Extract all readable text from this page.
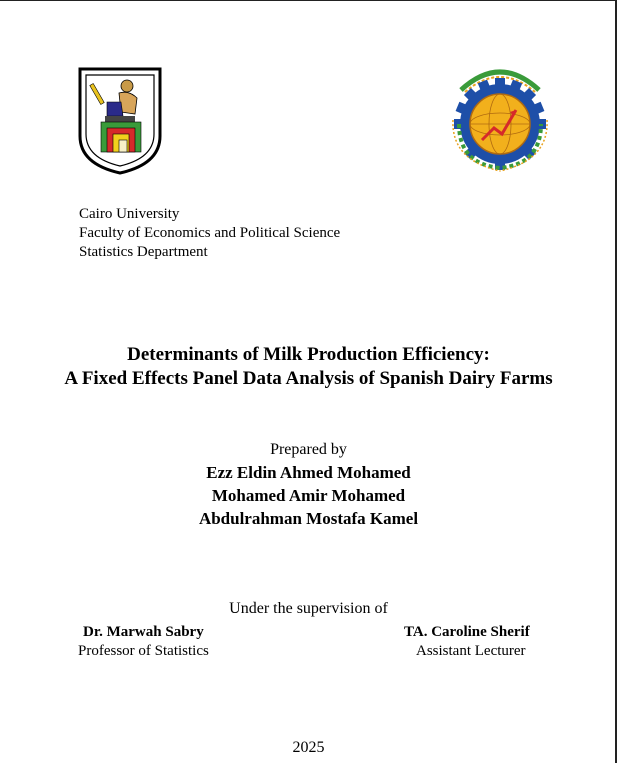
Cairo University
Faculty of Economics and Political Science
Statistics Department
Determinants of Milk Production Efficiency:
A Fixed Effects Panel Data Analysis of Spanish Dairy Farms
Prepared by
Ezz Eldin Ahmed Mohamed
Mohamed Amir Mohamed
Abdulrahman Mostafa Kamel
Under the supervision of
Dr. Marwah Sabry
Professor of Statistics
TA. Caroline Sherif
Assistant Lecturer
2025
